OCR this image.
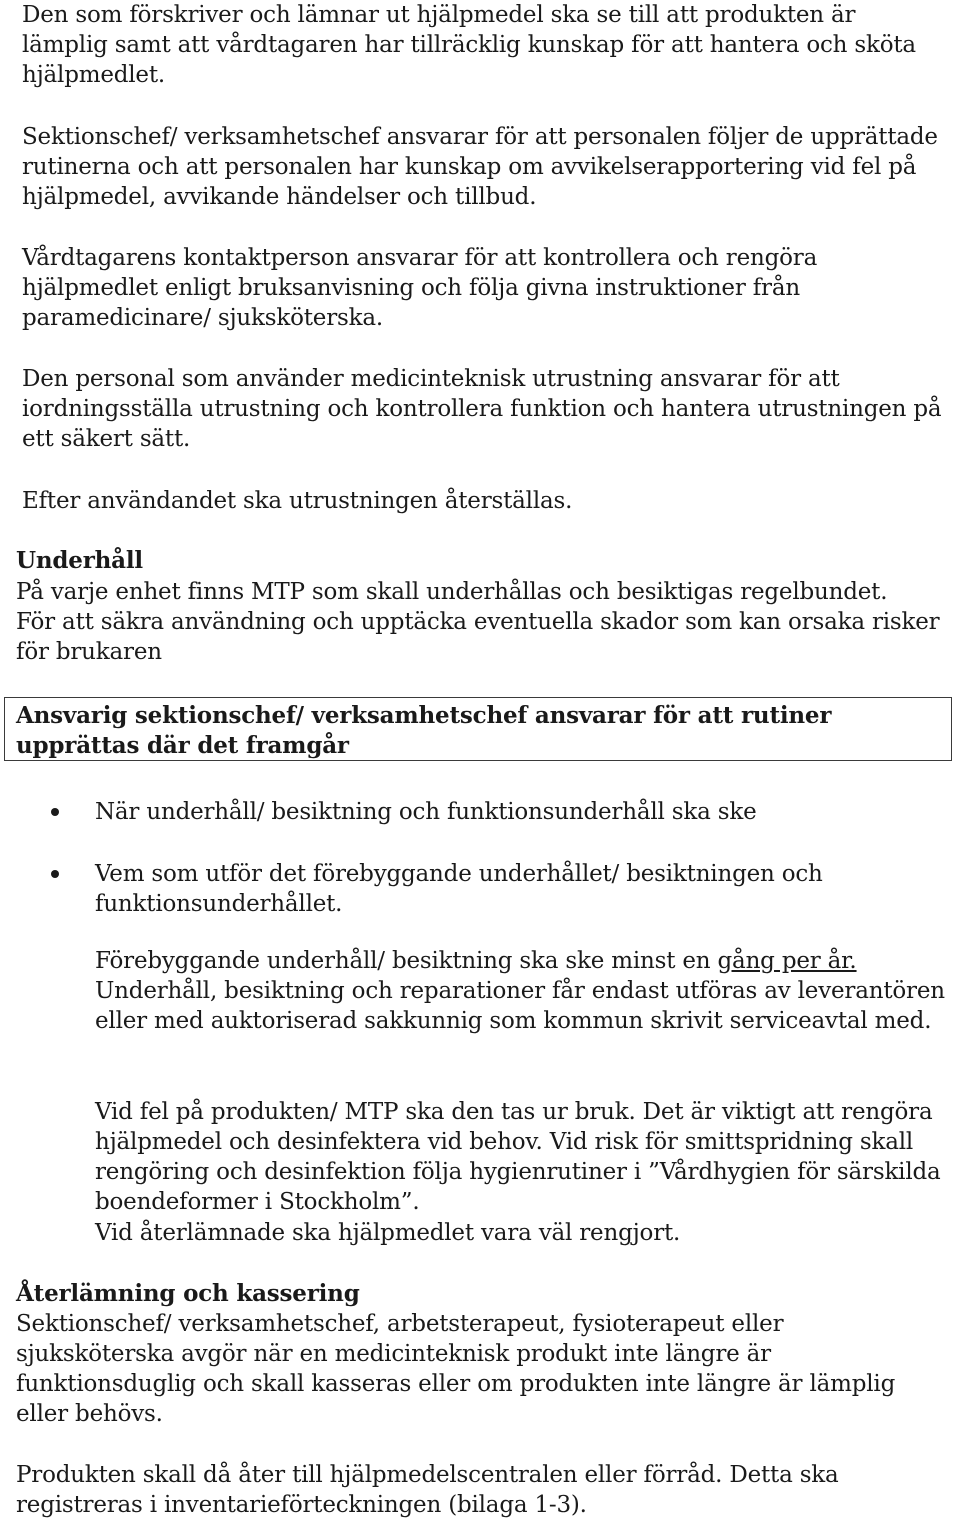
Den som förskriver och lämnar ut hjälpmedel ska se till att produkten är lämplig samt att vårdtagaren har tillräcklig kunskap för att hantera och sköta hjälpmedlet.

Sektionschef/ verksamhetschef ansvarar för att personalen följer de upprättade rutinerna och att personalen har kunskap om avvikelserapportering vid fel på hjälpmedel, avvikande händelser och tillbud.

Vårdtagarens kontaktperson ansvarar för att kontrollera och rengöra hjälpmedlet enligt bruksanvisning och följa givna instruktioner från paramedicinare/ sjuksköterska.

Den personal som använder medicinteknisk utrustning ansvarar för att iordningsställa utrustning och kontrollera funktion och hantera utrustningen på ett säkert sätt.

Efter användandet ska utrustningen återställas.

Underhåll

På varje enhet finns MTP som skall underhållas och besiktigas regelbundet.

För att säkra användning och upptäcka eventuella skador som kan orsaka risker för brukaren

Ansvarig sektionschef/ verksamhetschef ansvarar för att rutiner upprättas där det framgår

När underhåll/ besiktning och funktionsunderhåll ska ske

Vem som utför det förebyggande underhållet/ besiktningen och funktionsunderhållet.

Förebyggande underhåll/ besiktning ska ske minst en gång per år. Underhåll, besiktning och reparationer får endast utföras av leverantören eller med auktoriserad sakkunnig som kommun skrivit serviceavtal med.

Vid fel på produkten/ MTP ska den tas ur bruk. Det är viktigt att rengöra hjälpmedel och desinfektera vid behov. Vid risk för smittspridning skall rengöring och desinfektion följa hygienrutiner i ”Vårdhygien för särskilda boendeformer i Stockholm”.

Vid återlämnade ska hjälpmedlet vara väl rengjort.

Återlämning och kassering

Sektionschef/ verksamhetschef, arbetsterapeut, fysioterapeut eller sjuksköterska avgör när en medicinteknisk produkt inte längre är funktionsduglig och skall kasseras eller om produkten inte längre är lämplig eller behövs.

Produkten skall då åter till hjälpmedelscentralen eller förråd. Detta ska registreras i inventarieförteckningen (bilaga 1-3).
